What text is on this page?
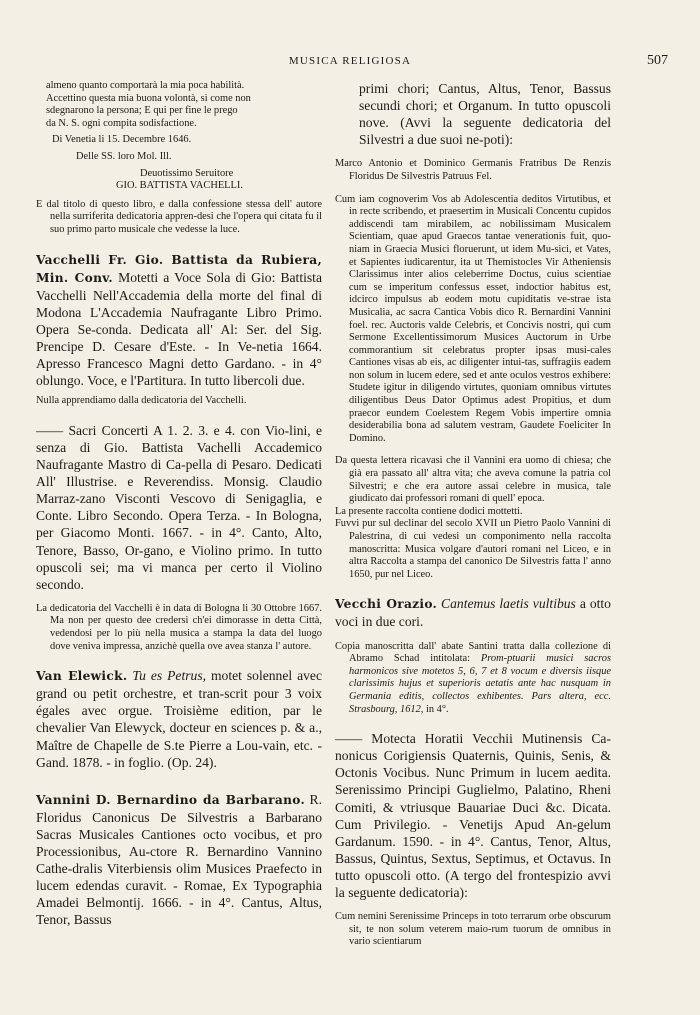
MUSICA RELIGIOSA	507
almeno quanto comportarà la mia poca habilità.
Accettino questa mia buona volontà, sì come non
sdegnarono la persona; E qui per fine le prego
da N. S. ogni compita sodisfactione.

Di Venetia li 15. Decembre 1646.

Delle SS. loro Mol. Ill.

Deuotissimo Seruitore

GIO. BATTISTA VACHELLI.

E dal titolo di questo libro, e dalla confessione stessa dell' autore nella surriferita dedicatoria appren-desi che l'opera qui citata fu il suo primo parto musicale che vedesse la luce.

Vacchelli Fr. Gio. Battista da Rubiera, Min. Conv. Motetti a Voce Sola di Gio: Battista Vacchelli Nell'Accademia della morte del final di Modona L'Accademia Naufragante Libro Primo. Opera Se-conda. Dedicata all' Al: Ser. del Sig. Prencipe D. Cesare d'Este. - In Ve-netia 1664. Apresso Francesco Magni detto Gardano. - in 4° oblungo. Voce, e l'Partitura. In tutto libercoli due.

Nulla apprendiamo dalla dedicatoria del Vacchelli.

—— Sacri Concerti A 1. 2. 3. e 4. con Vio-lini, e senza di Gio. Battista Vachelli Accademico Naufragante Mastro di Ca-pella di Pesaro. Dedicati All' Illustrise. e Reverendiss. Monsig. Claudio Marraz-zano Visconti Vescovo di Senigaglia, e Conte. Libro Secondo. Opera Terza. - In Bologna, per Giacomo Monti. 1667. - in 4°. Canto, Alto, Tenore, Basso, Or-gano, e Violino primo. In tutto opuscoli sei; ma vi manca per certo il Violino secondo.

La dedicatoria del Vacchelli è in data di Bologna li 30 Ottobre 1667. Ma non per questo dee credersi ch'ei dimorasse in detta Città, vedendosi per lo più nella musica a stampa la data del luogo dove veniva impressa, anzichè quella ove avea stanza l' autore.

Van Elewick. Tu es Petrus, motet solennel avec grand ou petit orchestre, et tran-scrit pour 3 voix égales avec orgue. Troisième edition, par le chevalier Van Elewyck, docteur en sciences p. & a., Maître de Chapelle de S.te Pierre a Lou-vain, etc. - Gand. 1878. - in foglio. (Op. 24).

Vannini D. Bernardino da Barbarano. R. Floridus Canonicus De Silvestris a Barbarano Sacras Musicales Cantiones octo vocibus, et pro Processionibus, Au-ctore R. Bernardino Vannino Cathe-dralis Viterbiensis olim Musices Praefecto in lucem edendas curavit. - Romae, Ex Typographia Amadei Belmontij. 1666. - in 4°. Cantus, Altus, Tenor, Bassus

primi chori; Cantus, Altus, Tenor, Bassus secundi chori; et Organum. In tutto opuscoli nove. (Avvi la seguente dedicatoria del Silvestri a due suoi ne-poti):

Marco Antonio et Dominico Germanis Fratribus De Renzis Floridus De Silvestris Patruus Fel.

Cum iam cognoverim Vos ab Adolescentia deditos Virtutibus, et in recte scribendo, et praesertim in Musicali Concentu cupidos addiscendi tam mirabilem, ac nobilissimam Musicalem Scientiam, quae apud Graecos tantae venerationis fuit, quo-niam in Graecia Musici floruerunt, ut idem Mu-sici, et Vates, et Sapientes iudicarentur, ita ut Themistocles Vir Atheniensis Clarissimus inter alios celeberrime Doctus, cuius scientiae cum se imperitum confessus esset, indoctior habitus est, idcirco impulsus ab eodem motu cupiditatis ve-strae ista Musicalia, ac sacra Cantica Vobis dico R. Bernardini Vannini foel. rec. Auctoris valde Celebris, et Concivis nostri, qui cum Sermone Excellentissimorum Musices Auctorum in Urbe commorantium sit celebratus propter ipsas musi-cales Cantiones visas ab eis, ac diligenter intui-tas, suffragiis eadem non solum in lucem edere, sed et ante oculos vestros exhibere: Studete igitur in diligendo virtutes, quoniam omnibus virtutes diligentibus Deus Dator Optimus adest Propitius, et dum praecor eundem Coelestem Regem Vobis impertire omnia desiderabilia bona ad salutem vestram, Gaudete Foeliciter In Domino.

Da questa lettera ricavasi che il Vannini era uomo di chiesa; che già era passato all' altra vita; che aveva comune la patria col Silvestri; e che era autore assai celebre in musica, tale giudicato dai professori romani di quell' epoca.

La presente raccolta contiene dodici mottetti.

Fuvvi pur sul declinar del secolo XVII un Pietro Paolo Vannini di Palestrina, di cui vedesi un componimento nella raccolta manoscritta: Musica volgare d'autori romani nel Liceo, e in altra Raccolta a stampa del canonico De Silvestris fatta l' anno 1650, pur nel Liceo.

Vecchi Orazio. Cantemus laetis vultibus a otto voci in due cori.

Copia manoscritta dall' abate Santini tratta dalla collezione di Abramo Schad intitolata: Prom-ptuarii musici sacros harmonicos sive motetos 5, 6, 7 et 8 vocum e diversis iisque clarissimis hujus et superioris aetatis ante hac nusquam in Germania editis, collectos exhibentes. Pars altera, ecc. Strasbourg, 1612, in 4°.

—— Motecta Horatii Vecchii Mutinensis Ca-nonicus Corigiensis Quaternis, Quinis, Senis, & Octonis Vocibus. Nunc Primum in lucem aedita. Serenissimo Principi Guglielmo, Palatino, Rheni Comiti, & vtriusque Bauariae Duci &c. Dicata. Cum Privilegio. - Venetijs Apud An-gelum Gardanum. 1590. - in 4°. Cantus, Tenor, Altus, Bassus, Quintus, Sextus, Septimus, et Octavus. In tutto opuscoli otto. (A tergo del frontespizio avvi la seguente dedicatoria):

Cum nemini Serenissime Princeps in toto terrarum orbe obscurum sit, te non solum veterem maio-rum tuorum de omnibus in vario scientiarum
